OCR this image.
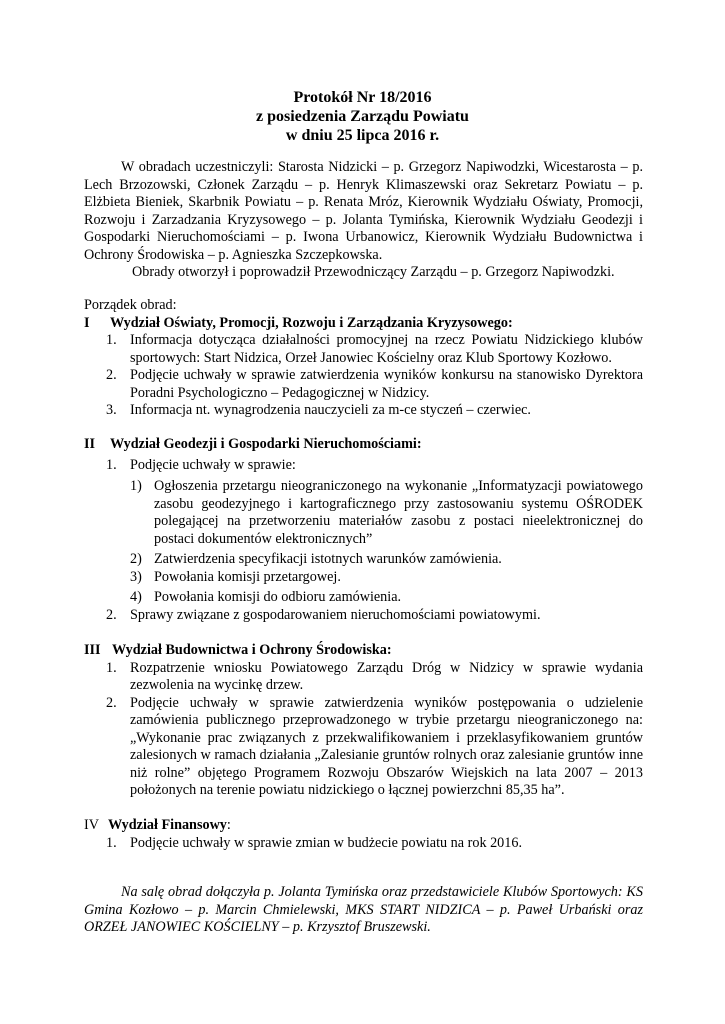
Protokół Nr 18/2016
z posiedzenia Zarządu Powiatu
w dniu 25 lipca 2016 r.

W obradach uczestniczyli: Starosta Nidzicki – p. Grzegorz Napiwodzki, Wicestarosta – p. Lech Brzozowski, Członek Zarządu – p. Henryk Klimaszewski oraz Sekretarz Powiatu – p. Elżbieta Bieniek, Skarbnik Powiatu – p. Renata Mróz, Kierownik Wydziału Oświaty, Promocji, Rozwoju i Zarzadzania Kryzysowego – p. Jolanta Tymińska, Kierownik Wydziału Geodezji i Gospodarki Nieruchomościami – p. Iwona Urbanowicz, Kierownik Wydziału Budownictwa i Ochrony Środowiska – p. Agnieszka Szczepkowska.

Obrady otworzył i poprowadził Przewodniczący Zarządu – p. Grzegorz Napiwodzki.

Porządek obrad:
I Wydział Oświaty, Promocji, Rozwoju i Zarządzania Kryzysowego:
1. Informacja dotycząca działalności promocyjnej na rzecz Powiatu Nidzickiego klubów sportowych: Start Nidzica, Orzeł Janowiec Kościelny oraz Klub Sportowy Kozłowo.
2. Podjęcie uchwały w sprawie zatwierdzenia wyników konkursu na stanowisko Dyrektora Poradni Psychologiczno – Pedagogicznej w Nidzicy.
3. Informacja nt. wynagrodzenia nauczycieli za m-ce styczeń – czerwiec.
II Wydział Geodezji i Gospodarki Nieruchomościami:
1. Podjęcie uchwały w sprawie:
1) Ogłoszenia przetargu nieograniczonego na wykonanie „Informatyzacji powiatowego zasobu geodezyjnego i kartograficznego przy zastosowaniu systemu OŚRODEK polegającej na przetworzeniu materiałów zasobu z postaci nieelektronicznej do postaci dokumentów elektronicznych”
2) Zatwierdzenia specyfikacji istotnych warunków zamówienia.
3) Powołania komisji przetargowej.
4) Powołania komisji do odbioru zamówienia.
2. Sprawy związane z gospodarowaniem nieruchomościami powiatowymi.
III Wydział Budownictwa i Ochrony Środowiska:
1. Rozpatrzenie wniosku Powiatowego Zarządu Dróg w Nidzicy w sprawie wydania zezwolenia na wycinkę drzew.
2. Podjęcie uchwały w sprawie zatwierdzenia wyników postępowania o udzielenie zamówienia publicznego przeprowadzonego w trybie przetargu nieograniczonego na: „Wykonanie prac związanych z przekwalifikowaniem i przeklasyfikowaniem gruntów zalesionych w ramach działania „Zalesianie gruntów rolnych oraz zalesianie gruntów inne niż rolne” objętego Programem Rozwoju Obszarów Wiejskich na lata 2007 – 2013 położonych na terenie powiatu nidzickiego o łącznej powierzchni 85,35 ha”.
IV Wydział Finansowy:
1. Podjęcie uchwały w sprawie zmian w budżecie powiatu na rok 2016.

Na salę obrad dołączyła p. Jolanta Tymińska oraz przedstawiciele Klubów Sportowych: KS Gmina Kozłowo – p. Marcin Chmielewski, MKS START NIDZICA – p. Paweł Urbański oraz ORZEŁ JANOWIEC KOŚCIELNY – p. Krzysztof Bruszewski.
